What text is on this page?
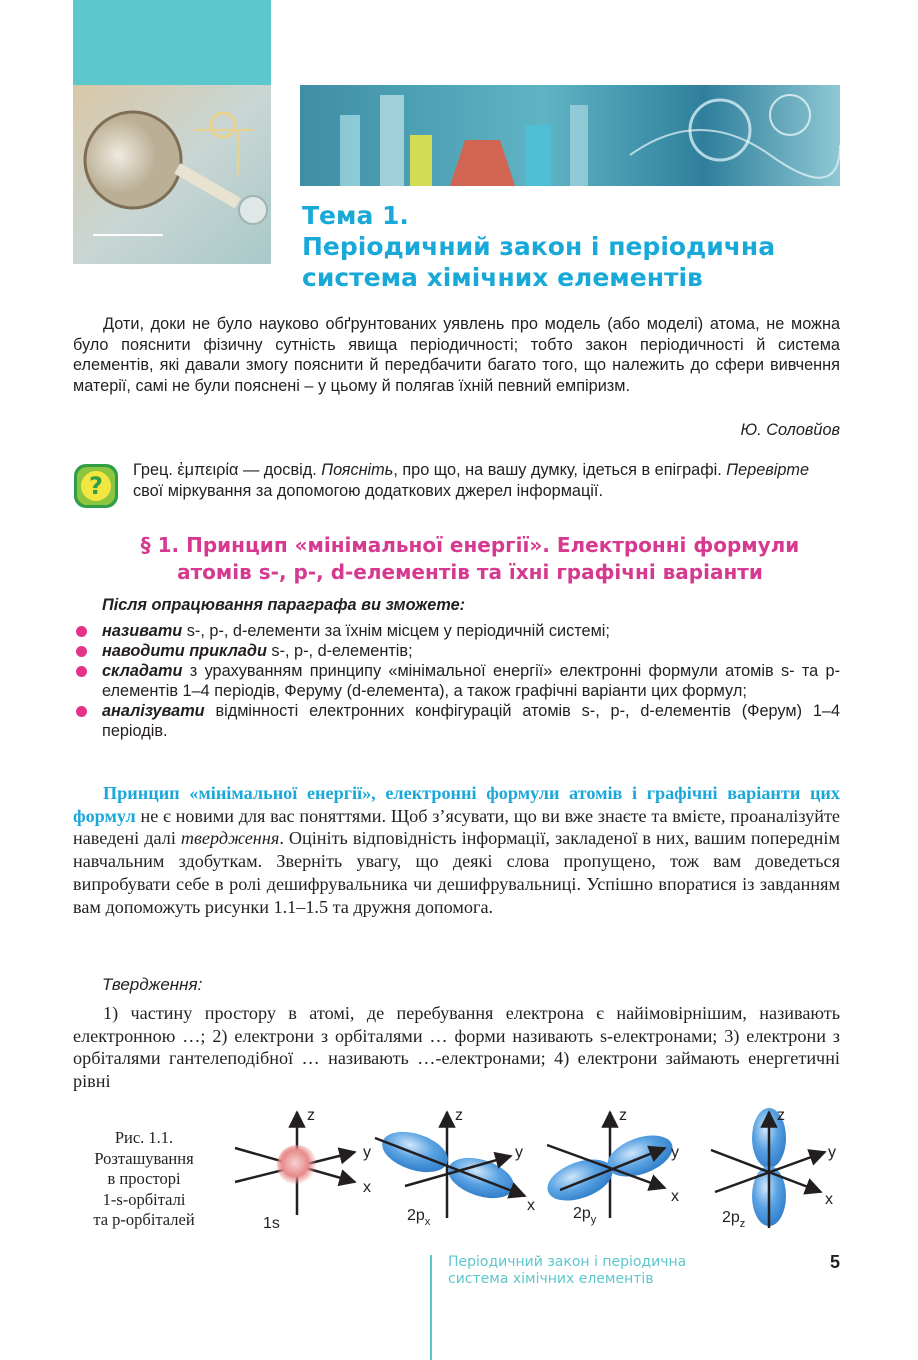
Тема 1.
Періодичний закон і періодична
система хімічних елементів

Доти, доки не було науково обґрунтованих уявлень про модель (або моделі) атома, не можна було пояснити фізичну сутність явища періодичності; тобто закон періодичності й система елементів, які давали змогу пояснити й передбачити багато того, що належить до сфери вивчення матерії, самі не були пояснені – у цьому й полягав їхній певний емпіризм.

Ю. Соловйов
?

Грец. ἐμπειρία — досвід. Поясніть, про що, на вашу думку, ідеться в епіграфі. Перевірте свої міркування за допомогою додаткових джерел інформації.

§ 1. Принцип «мінімальної енергії». Електронні формули
атомів s-, p-, d-елементів та їхні графічні варіанти

Після опрацювання параграфа ви зможете:

називати s-, p-, d-елементи за їхнім місцем у періодичній системі;
наводити приклади s-, p-, d-елементів;
складати з урахуванням принципу «мінімальної енергії» електронні формули атомів s- та p-елементів 1–4 періодів, Феруму (d-елемента), а також графічні варіанти цих формул;
аналізувати відмінності електронних конфігурацій атомів s-, p-, d-елементів (Ферум) 1–4 періодів.

Принцип «мінімальної енергії», електронні формули атомів і графічні варіанти цих формул не є новими для вас поняттями. Щоб з’ясувати, що ви вже знаєте та вмієте, проаналізуйте наведені далі твердження. Оцініть відповідність інформації, закладеної в них, вашим попереднім навчальним здобуткам. Зверніть увагу, що деякі слова пропущено, тож вам доведеться випробувати себе в ролі дешифрувальника чи дешифрувальниці. Успішно впоратися із завданням вам допоможуть рисунки 1.1–1.5 та дружня допомога.

Твердження:

1) частину простору в атомі, де перебування електрона є найімовірнішим, називають електронною …; 2) електрони з орбіталями … форми називають s-електронами; 3) електрони з орбіталями гантелеподібної … називають …-електронами; 4) електрони займають енергетичні рівні

Рис. 1.1.
Розташування
в просторі
1-s-орбіталі
та p-орбіталей

z
y
x
1s
z
y
x
$2p_x$
z
y
x
$2p_y$
z
y
x
$2p_z$

Періодичний закон і періодична
система хімічних елементів

5
